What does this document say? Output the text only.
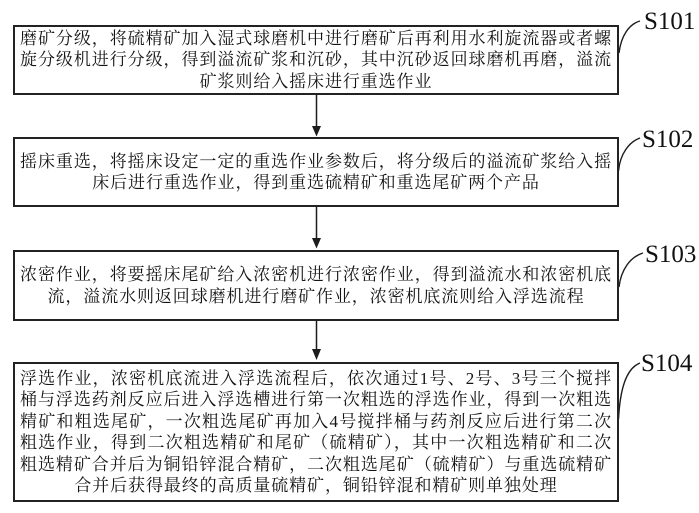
磨矿分级，将硫精矿加入湿式球磨机中进行磨矿后再利用水利旋流器或者螺旋分级机进行分级，得到溢流矿浆和沉砂，其中沉砂返回球磨机再磨，溢流矿浆则给入摇床进行重选作业
摇床重选，将摇床设定一定的重选作业参数后，将分级后的溢流矿浆给入摇床后进行重选作业，得到重选硫精矿和重选尾矿两个产品
浓密作业，将要摇床尾矿给入浓密机进行浓密作业，得到溢流水和浓密机底流，溢流水则返回球磨机进行磨矿作业，浓密机底流则给入浮选流程
浮选作业，浓密机底流进入浮选流程后，依次通过1号、2号、3号三个搅拌桶与浮选药剂反应后进入浮选槽进行第一次粗选的浮选作业，得到一次粗选精矿和粗选尾矿，一次粗选尾矿再加入4号搅拌桶与药剂反应后进行第二次粗选作业，得到二次粗选精矿和尾矿（硫精矿），其中一次粗选精矿和二次粗选精矿合并后为铜铅锌混合精矿，二次粗选尾矿（硫精矿）与重选硫精矿合并后获得最终的高质量硫精矿，铜铅锌混和精矿则单独处理
S101
S102
S103
S104
